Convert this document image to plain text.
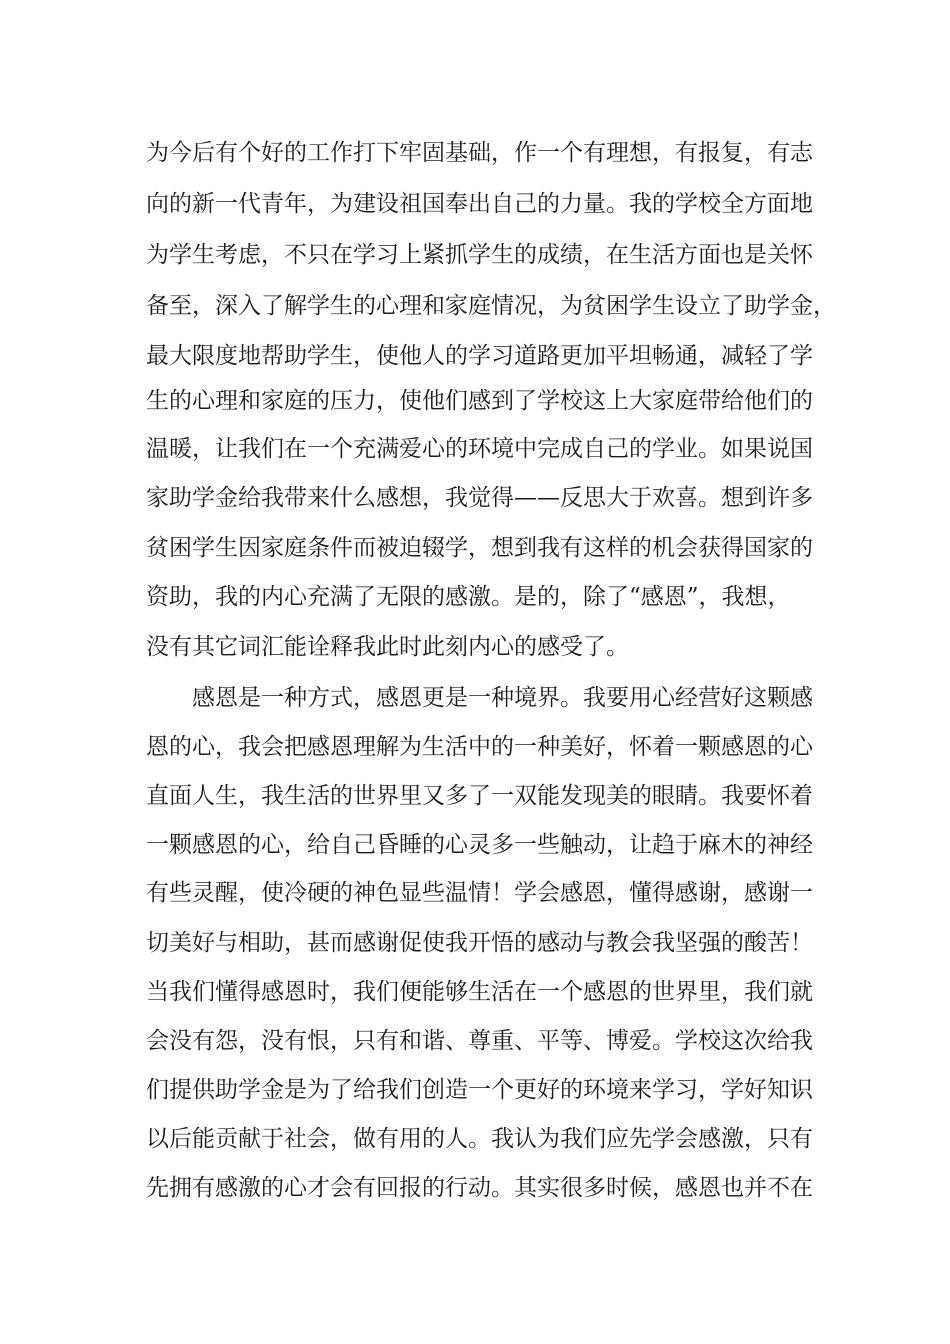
为今后有个好的工作打下牢固基础，作一个有理想，有报复，有志
向的新一代青年，为建设祖国奉出自己的力量。我的学校全方面地
为学生考虑，不只在学习上紧抓学生的成绩，在生活方面也是关怀
备至，深入了解学生的心理和家庭情况，为贫困学生设立了助学金，
最大限度地帮助学生，使他人的学习道路更加平坦畅通，减轻了学
生的心理和家庭的压力，使他们感到了学校这上大家庭带给他们的
温暖，让我们在一个充满爱心的环境中完成自己的学业。如果说国
家助学金给我带来什么感想，我觉得——反思大于欢喜。想到许多
贫困学生因家庭条件而被迫辍学，想到我有这样的机会获得国家的
资助，我的内心充满了无限的感激。是的，除了“感恩”，我想，
没有其它词汇能诠释我此时此刻内心的感受了。
感恩是一种方式，感恩更是一种境界。我要用心经营好这颗感
恩的心，我会把感恩理解为生活中的一种美好，怀着一颗感恩的心
直面人生，我生活的世界里又多了一双能发现美的眼睛。我要怀着
一颗感恩的心，给自己昏睡的心灵多一些触动，让趋于麻木的神经
有些灵醒，使冷硬的神色显些温情！学会感恩，懂得感谢，感谢一
切美好与相助，甚而感谢促使我开悟的感动与教会我坚强的酸苦！
当我们懂得感恩时，我们便能够生活在一个感恩的世界里，我们就
会没有怨，没有恨，只有和谐、尊重、平等、博爱。学校这次给我
们提供助学金是为了给我们创造一个更好的环境来学习，学好知识
以后能贡献于社会，做有用的人。我认为我们应先学会感激，只有
先拥有感激的心才会有回报的行动。其实很多时候，感恩也并不在
